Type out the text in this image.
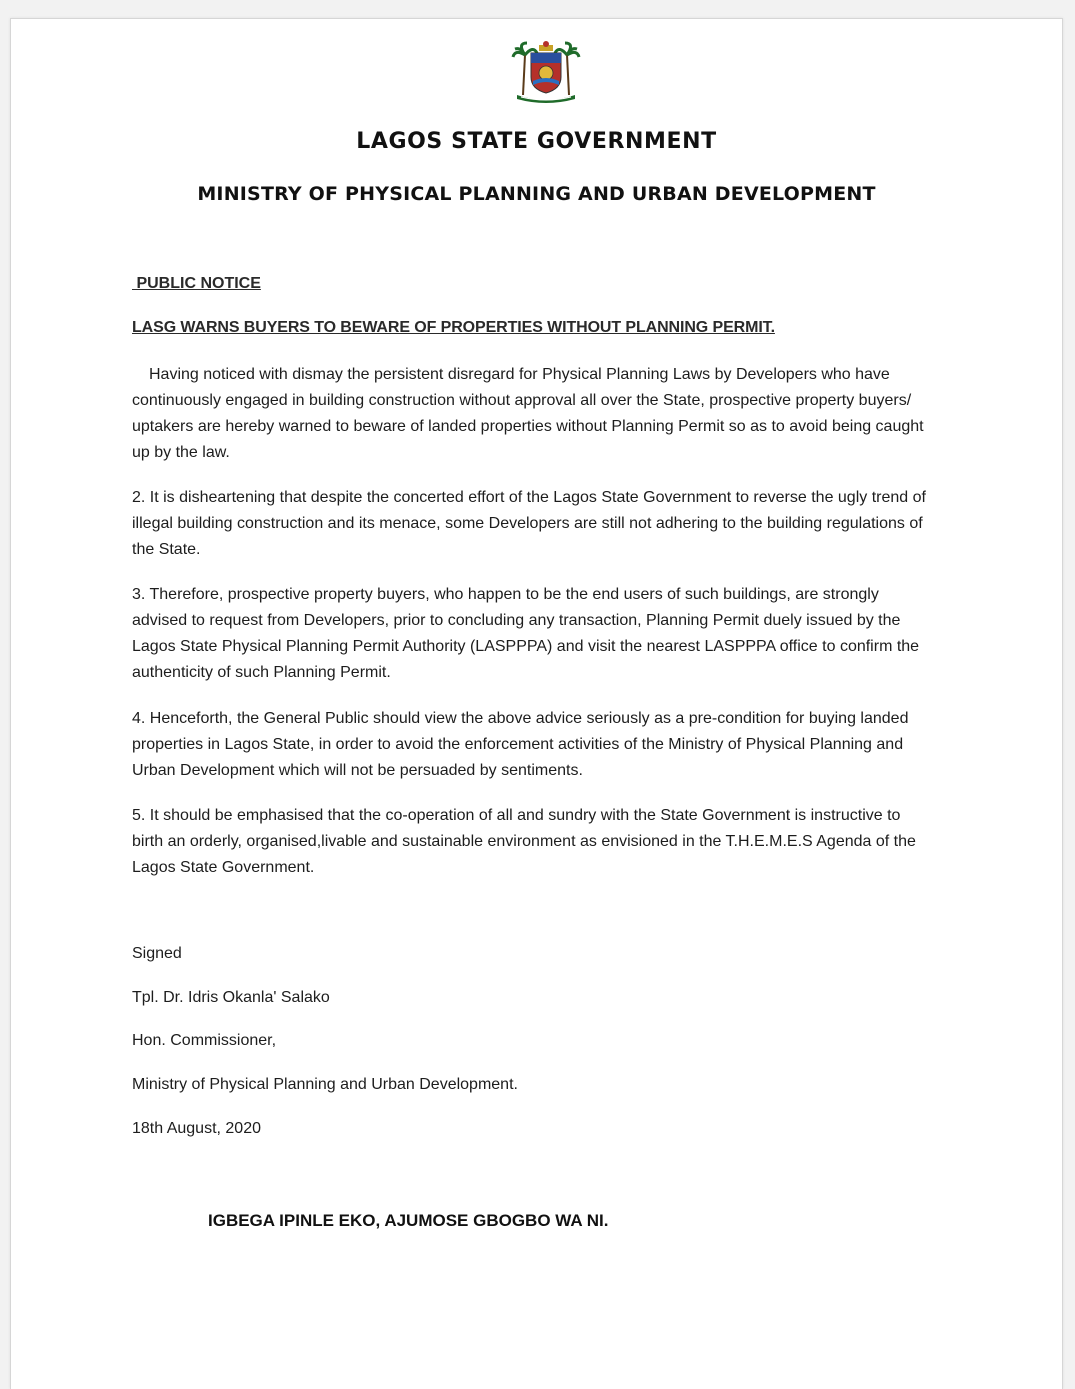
LAGOS STATE GOVERNMENT
MINISTRY OF PHYSICAL PLANNING AND URBAN DEVELOPMENT
PUBLIC NOTICE
LASG WARNS BUYERS TO BEWARE OF PROPERTIES WITHOUT PLANNING PERMIT.
Having noticed with dismay the persistent disregard for Physical Planning Laws by Developers who have continuously engaged in building construction without approval all over the State, prospective property buyers/ uptakers are hereby warned to beware of landed properties without Planning Permit so as to avoid being caught up by the law.
2. It is disheartening that despite the concerted effort of the Lagos State Government to reverse the ugly trend of illegal building construction and its menace, some Developers are still not adhering to the building regulations of the State.
3. Therefore, prospective property buyers, who happen to be the end users of such buildings, are strongly advised to request from Developers, prior to concluding any transaction, Planning Permit duely issued by the Lagos State Physical Planning Permit Authority (LASPPPA) and visit the nearest LASPPPA office to confirm the authenticity of such Planning Permit.
4. Henceforth, the General Public should view the above advice seriously as a pre-condition for buying landed properties in Lagos State, in order to avoid the enforcement activities of the Ministry of Physical Planning and Urban Development which will not be persuaded by sentiments.
5. It should be emphasised that the co-operation of all and sundry with the State Government is instructive to birth an orderly, organised,livable and sustainable environment as envisioned in the T.H.E.M.E.S Agenda of the Lagos State Government.
Signed
Tpl. Dr. Idris Okanla' Salako
Hon. Commissioner,
Ministry of Physical Planning and Urban Development.
18th August, 2020
IGBEGA IPINLE EKO, AJUMOSE GBOGBO WA NI.
